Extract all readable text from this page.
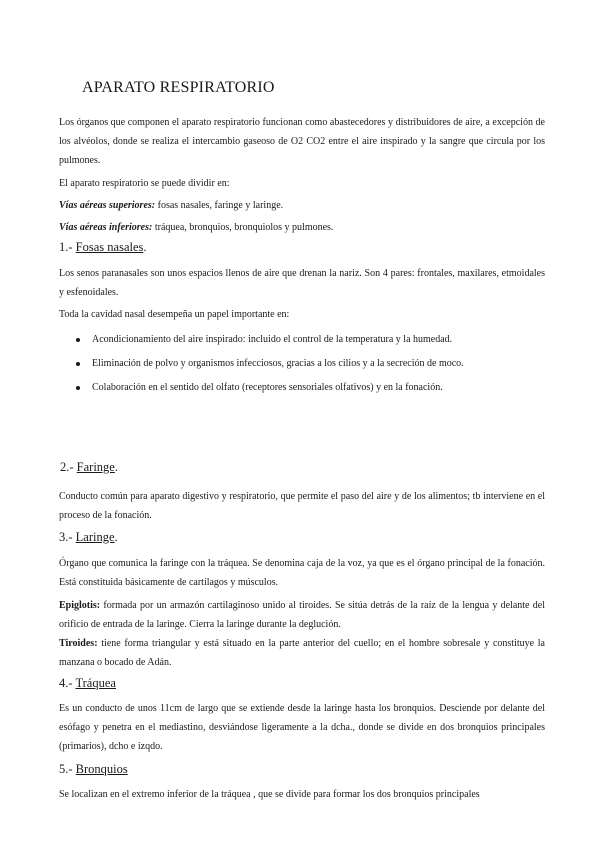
APARATO RESPIRATORIO

Los órganos que componen el aparato respiratorio funcionan como abastecedores y distribuidores de aire, a excepción de los alvéolos, donde se realiza el intercambio gaseoso de O2 CO2 entre el aire inspirado y la sangre que circula por los pulmones.

El aparato respiratorio se puede dividir en:

Vías aéreas superiores: fosas nasales, faringe y laringe.

Vías aéreas inferiores: tráquea, bronquios, bronquiolos y pulmones.

1.- Fosas nasales.

Los senos paranasales son unos espacios llenos de aire que drenan la nariz. Son 4 pares: frontales, maxilares, etmoidales y esfenoidales.

Toda la cavidad nasal desempeña un papel importante en:

Acondicionamiento del aire inspirado: incluido el control de la temperatura y la humedad.
Eliminación de polvo y organismos infecciosos, gracias a los cilios y a la secreción de moco.
Colaboración en el sentido del olfato (receptores sensoriales olfativos) y en la fonación.
2.- Faringe.

Conducto común para aparato digestivo y respiratorio, que permite el paso del aire y de los alimentos; tb interviene en el proceso de la fonación.

3.- Laringe.

Órgano que comunica la faringe con la tráquea. Se denomina caja de la voz, ya que es el órgano principal de la fonación. Está constituida básicamente de cartílagos y músculos.

Epiglotis: formada por un armazón cartilaginoso unido al tiroides. Se sitúa detrás de la raíz de la lengua y delante del orificio de entrada de la laringe. Cierra la laringe durante la deglución.

Tiroides: tiene forma triangular y está situado en la parte anterior del cuello; en el hombre sobresale y constituye la manzana o bocado de Adán.

4.- Tráquea

Es un conducto de unos 11cm de largo que se extiende desde la laringe hasta los bronquios. Desciende por delante del esófago y penetra en el mediastino, desviándose ligeramente a la dcha., donde se divide en dos bronquios principales (primarios), dcho e izqdo.

5.- Bronquios

Se localizan en el extremo inferior de la tráquea , que se divide para formar los dos bronquios principales
